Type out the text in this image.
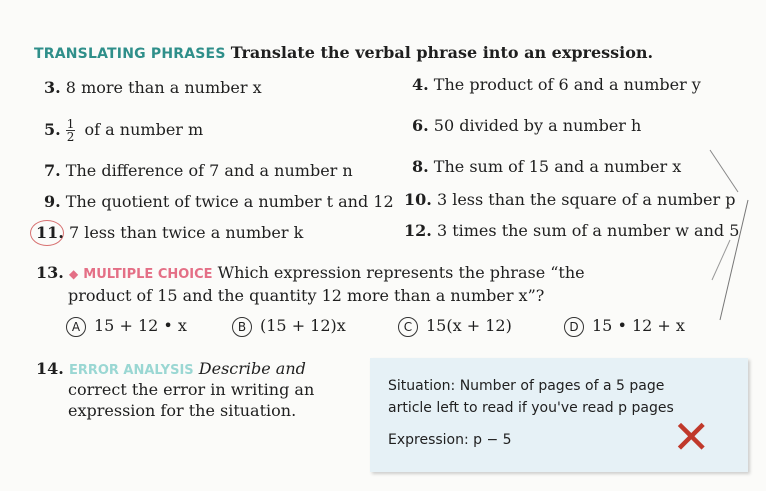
TRANSLATING PHRASES Translate the verbal phrase into an expression.
3. 8 more than a number x	4. The product of 6 and a number y
5. $\frac{1}{2}$ of a number m	6. 50 divided by a number h
7. The difference of 7 and a number n	8. The sum of 15 and a number x
9. The quotient of twice a number t and 12 10. 3 less than the square of a number p
11. 7 less than twice a number k	12. 3 times the sum of a number w and 5
13. ◆ MULTIPLE CHOICE Which expression represents the phrase “the
product of 15 and the quantity 12 more than a number x”?
A 15 + 12 • x	B (15 + 12)x	C 15(x + 12)	D 15 • 12 + x
14. ERROR ANALYSIS Describe and
correct the error in writing an
expression for the situation.
Situation: Number of pages of a 5 page
article left to read if you've read p pages
Expression: p − 5	✕
